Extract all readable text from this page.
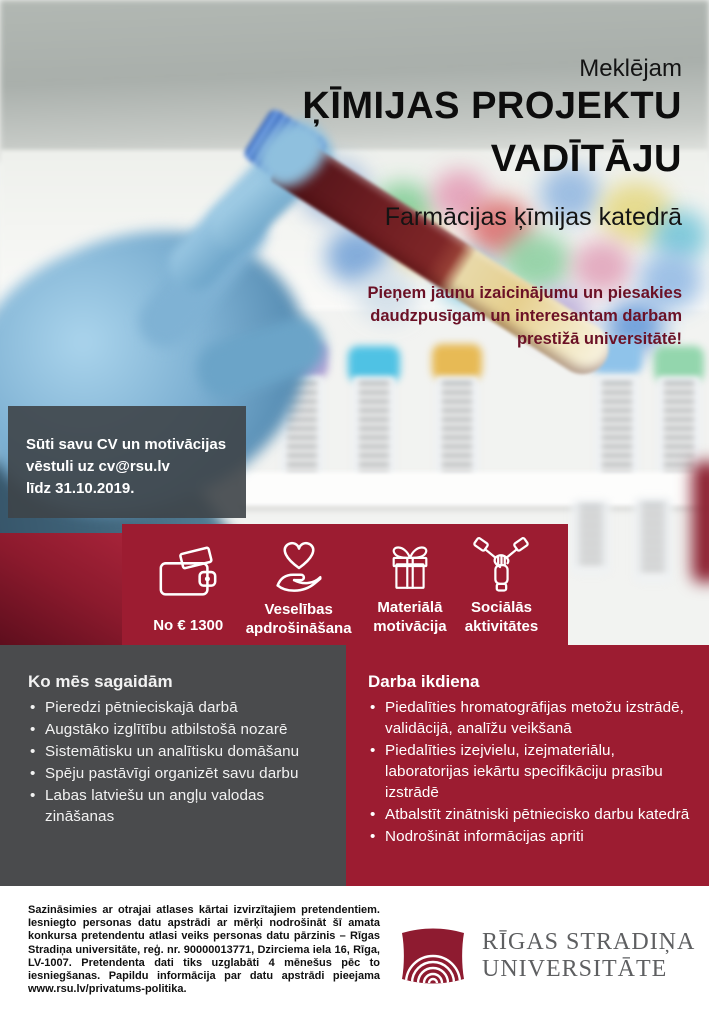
Meklējam
ĶĪMIJAS PROJEKTU
VADĪTĀJU
Farmācijas ķīmijas katedrā
Pieņem jaunu izaicinājumu un piesakies
daudzpusīgam un interesantam darbam
prestižā universitātē!
Sūti savu CV un motivācijas
vēstuli uz cv@rsu.lv
līdz 31.10.2019.
No € 1300
Veselības apdrošināšana
Materiālā motivācija
Sociālās aktivitātes
Ko mēs sagaidām
• Pieredzi pētnieciskajā darbā
• Augstāko izglītību atbilstošā nozarē
• Sistemātisku un analītisku domāšanu
• Spēju pastāvīgi organizēt savu darbu
• Labas latviešu un angļu valodas zināšanas
Darba ikdiena
• Piedalīties hromatogrāfijas metožu izstrādē, validācijā, analīžu veikšanā
• Piedalīties izejvielu, izejmateriālu, laboratorijas iekārtu specifikāciju prasību izstrādē
• Atbalstīt zinātniski pētniecisko darbu katedrā
• Nodrošināt informācijas apriti
Sazināsimies ar otrajai atlases kārtai izvirzītajiem pretendentiem. Iesniegto personas datu apstrādi ar mērķi nodrošināt šī amata konkursa pretendentu atlasi veiks personas datu pārzinis – Rīgas Stradiņa universitāte, reģ. nr. 90000013771, Dzirciema iela 16, Rīga, LV-1007. Pretendenta dati tiks uzglabāti 4 mēnešus pēc to iesniegšanas. Papildu informācija par datu apstrādi pieejama www.rsu.lv/privatums-politika.
RĪGAS STRADIŅA
UNIVERSITĀTE
